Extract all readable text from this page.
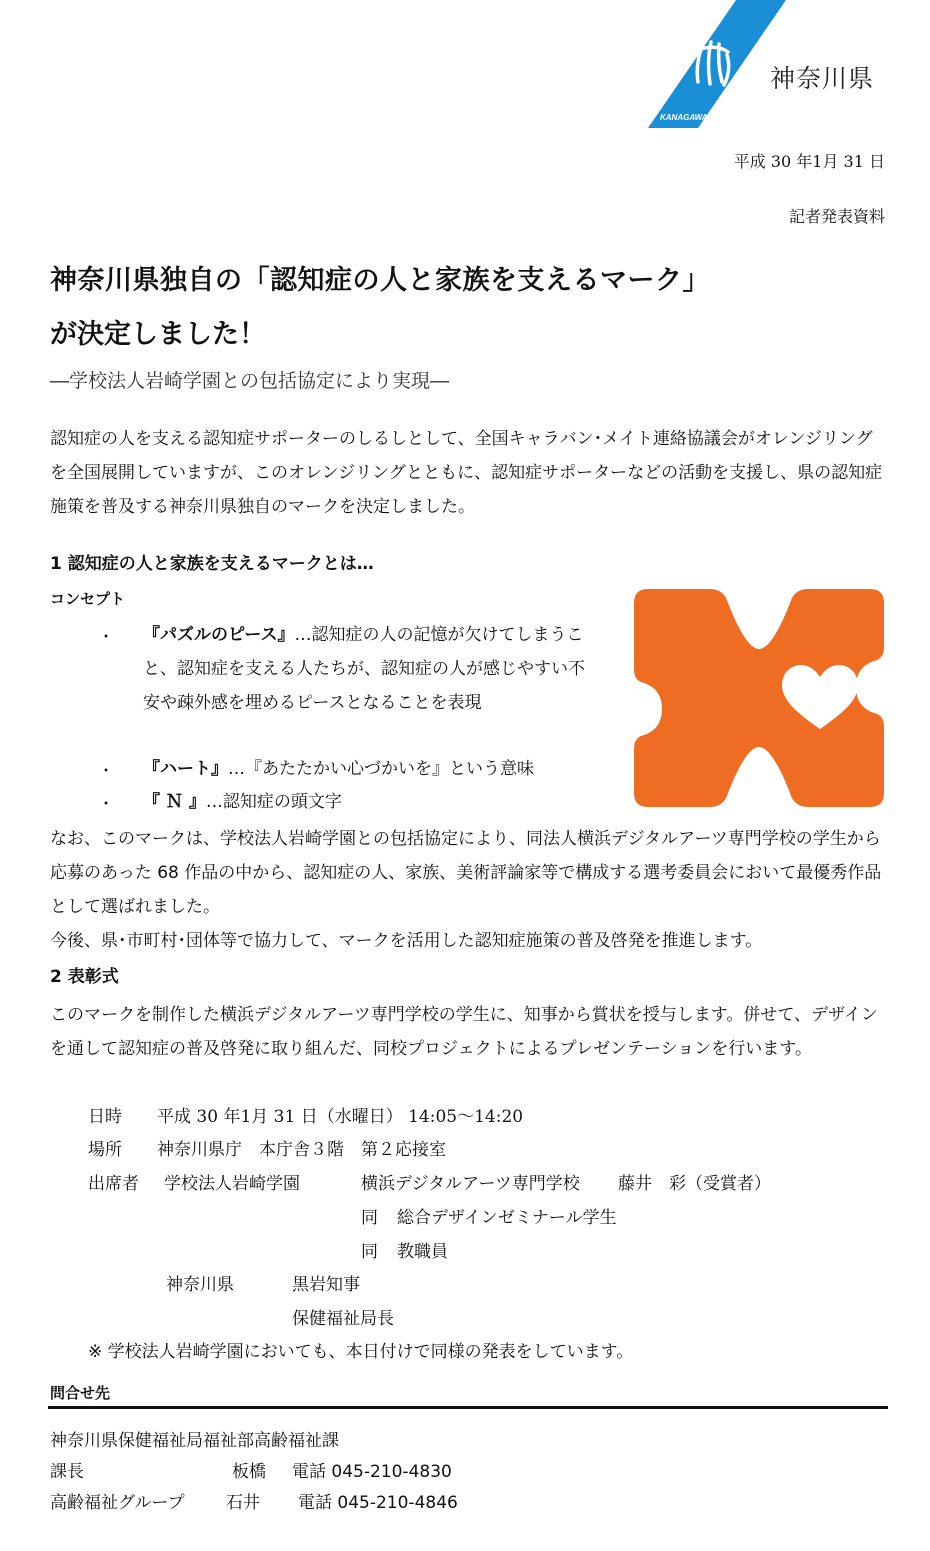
KANAGAWA
神奈川県
平成 30 年1月 31 日
記者発表資料
神奈川県独自の「認知症の人と家族を支えるマーク」
が決定しました！
―学校法人岩崎学園との包括協定により実現―
認知症の人を支える認知症サポーターのしるしとして、全国キャラバン･メイト連絡協議会がオレンジリングを全国展開していますが、このオレンジリングとともに、認知症サポーターなどの活動を支援し、県の認知症施策を普及する神奈川県独自のマークを決定しました。
1 認知症の人と家族を支えるマークとは…
コンセプト
・ 『パズルのピース』…認知症の人の記憶が欠けてしまうこと、認知症を支える人たちが、認知症の人が感じやすい不安や疎外感を埋めるピースとなることを表現
・ 『ハート』…『あたたかい心づかいを』という意味
・ 『 Ｎ 』…認知症の頭文字
なお、このマークは、学校法人岩崎学園との包括協定により、同法人横浜デジタルアーツ専門学校の学生から応募のあった 68 作品の中から、認知症の人、家族、美術評論家等で構成する選考委員会において最優秀作品として選ばれました。
今後、県･市町村･団体等で協力して、マークを活用した認知症施策の普及啓発を推進します。
2 表彰式
このマークを制作した横浜デジタルアーツ専門学校の学生に、知事から賞状を授与します。併せて、デザインを通して認知症の普及啓発に取り組んだ、同校プロジェクトによるプレゼンテーションを行います。
日時 平成 30 年1月 31 日（水曜日） 14:05～14:20
場所 神奈川県庁　本庁舎３階　第２応接室
出席者 学校法人岩崎学園	横浜デジタルアーツ専門学校 藤井　彩（受賞者）
同 総合デザインゼミナール学生
同 教職員
神奈川県	黒岩知事
保健福祉局長
※ 学校法人岩崎学園においても、本日付けで同様の発表をしています。
問合せ先
神奈川県保健福祉局福祉部高齢福祉課
課長	板橋 電話 045-210-4830
高齢福祉グループ 石井 電話 045-210-4846
